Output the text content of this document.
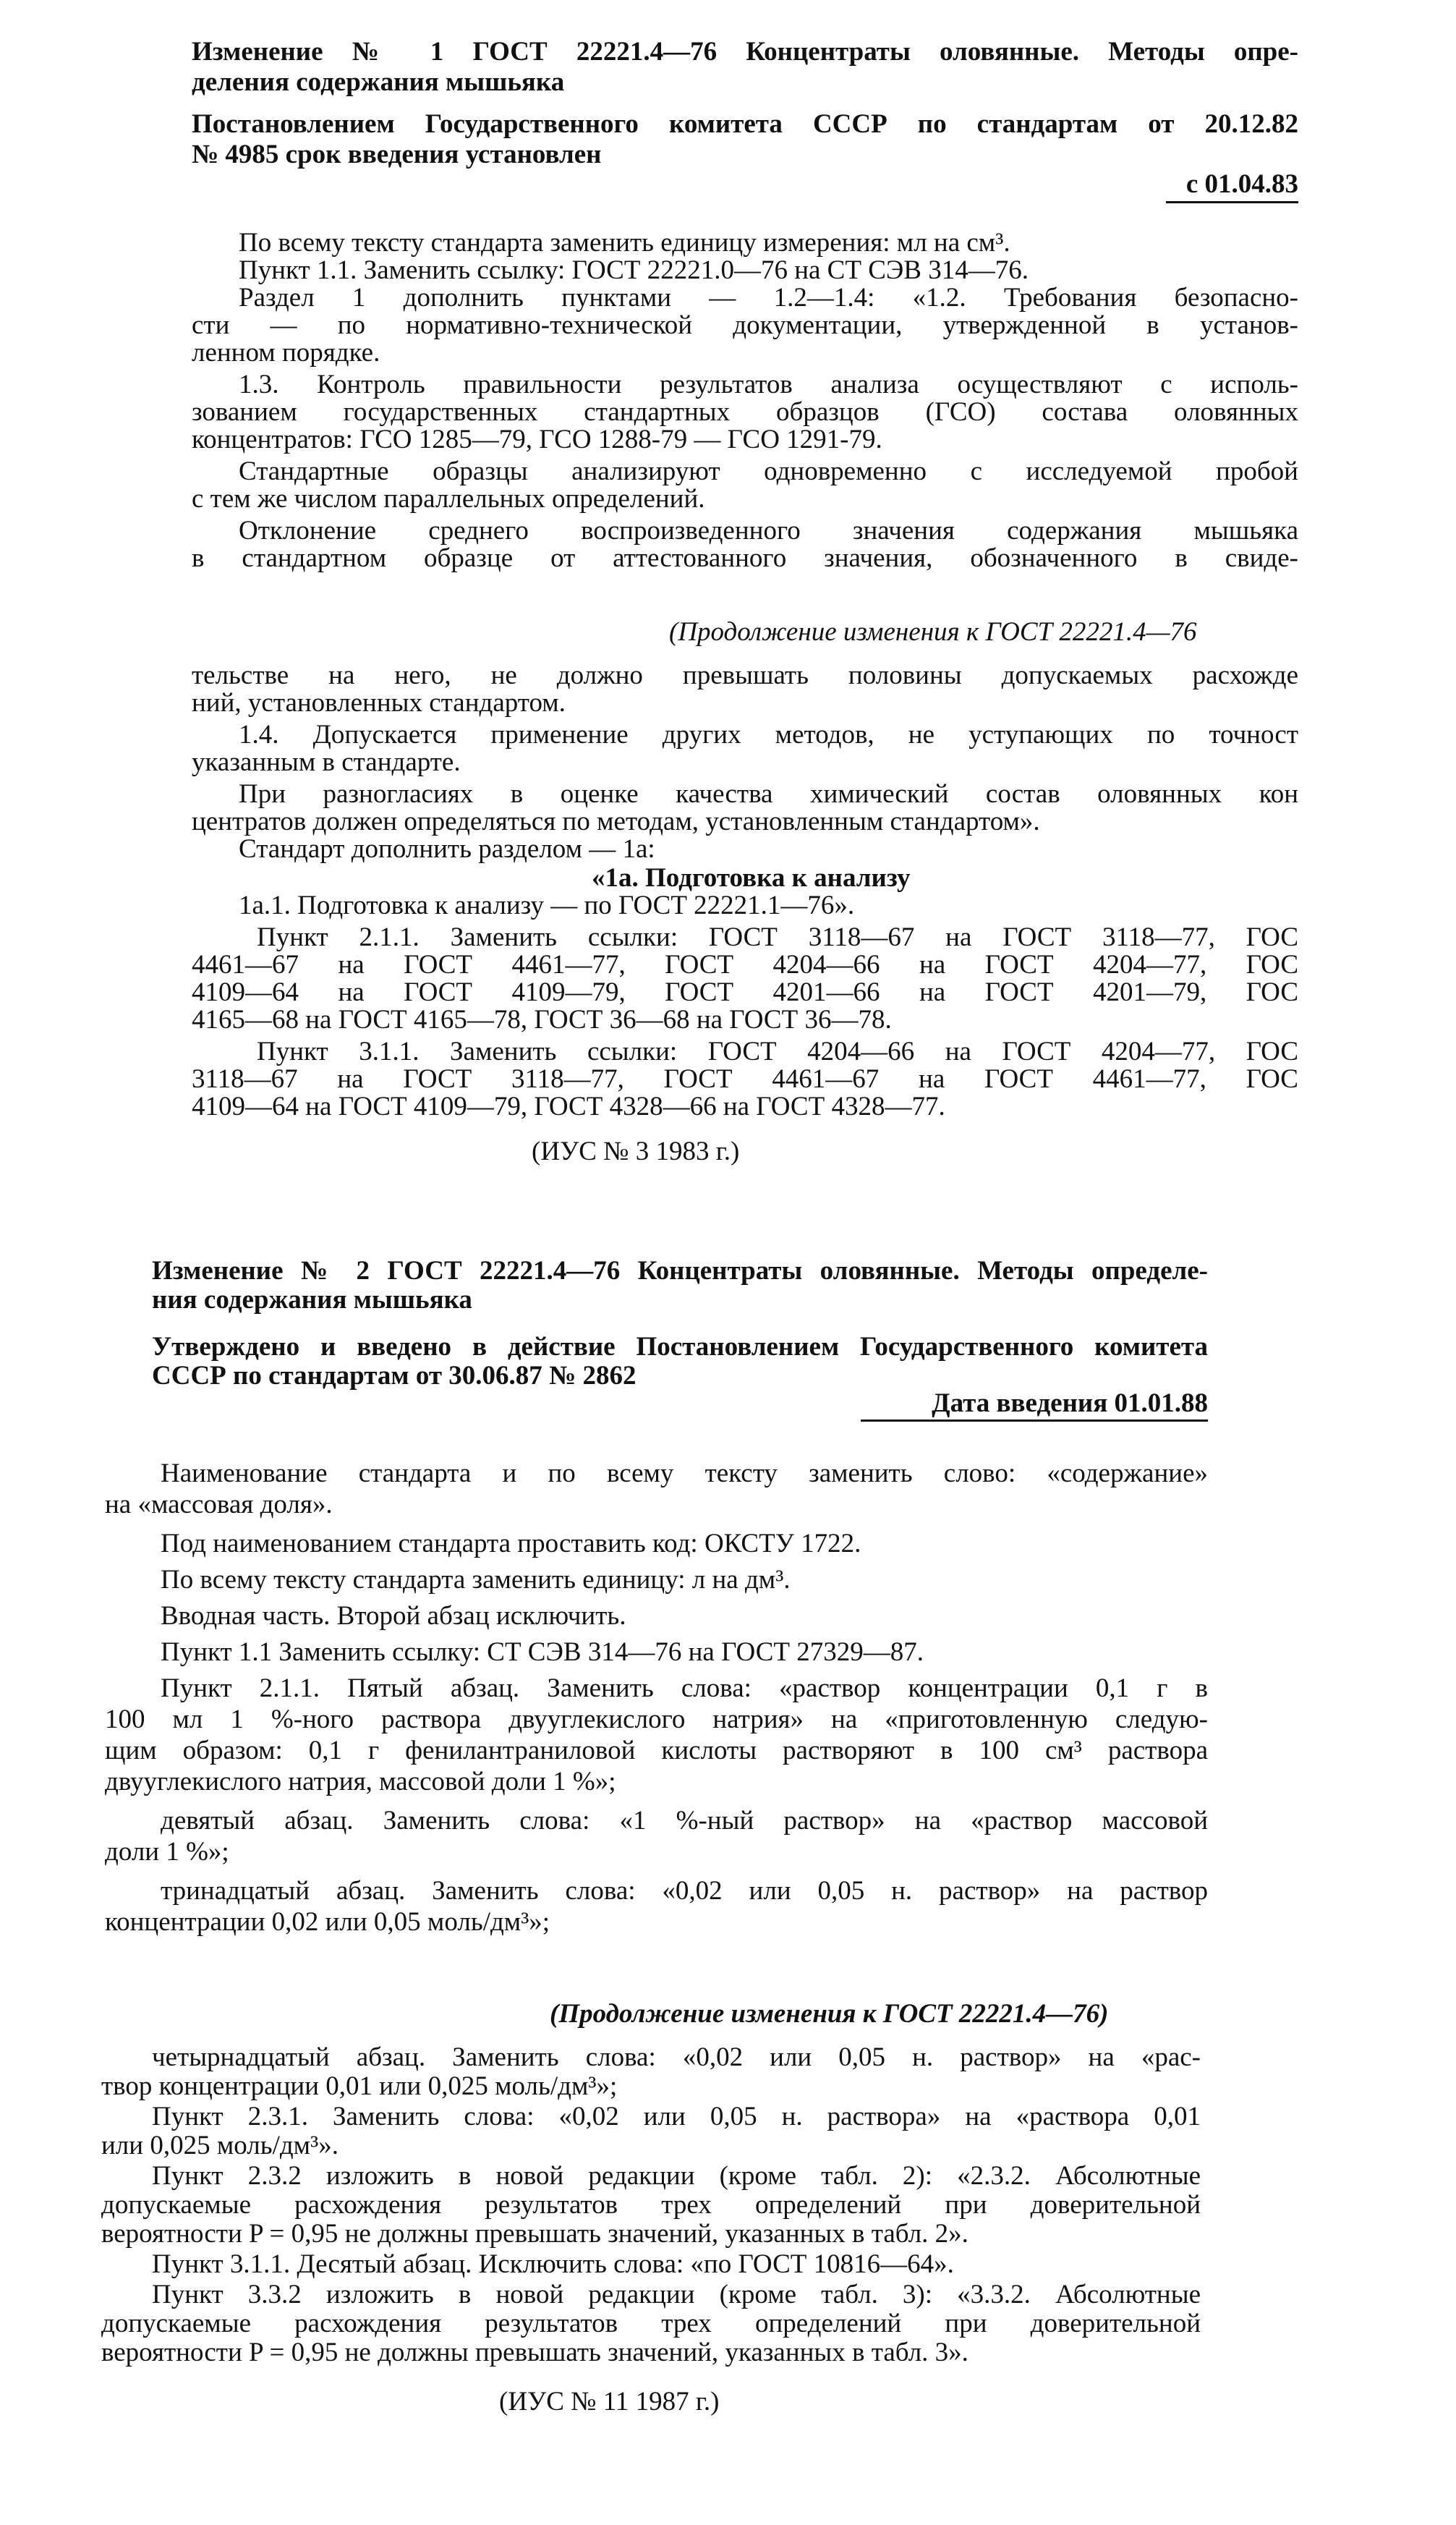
Изменение № 1 ГОСТ 22221.4—76 Концентраты оловянные. Методы опре-
деления содержания мышьяка
Постановлением Государственного комитета СССР по стандартам от 20.12.82
№ 4985 срок введения установлен
с 01.04.83
По всему тексту стандарта заменить единицу измерения: мл на см³.
Пункт 1.1. Заменить ссылку: ГОСТ 22221.0—76 на СТ СЭВ 314—76.
Раздел 1 дополнить пунктами — 1.2—1.4: «1.2. Требования безопасно-
сти — по нормативно-технической документации, утвержденной в установ-
ленном порядке.
1.3. Контроль правильности результатов анализа осуществляют с исполь-
зованием государственных стандартных образцов (ГСО) состава оловянных
концентратов: ГСО 1285—79, ГСО 1288-79 — ГСО 1291-79.
Стандартные образцы анализируют одновременно с исследуемой пробой
с тем же числом параллельных определений.
Отклонение среднего воспроизведенного значения содержания мышьяка
в стандартном образце от аттестованного значения, обозначенного в свиде-
(Продолжение изменения к ГОСТ 22221.4—76
тельстве на него, не должно превышать половины допускаемых расхожде
ний, установленных стандартом.
1.4. Допускается применение других методов, не уступающих по точност
указанным в стандарте.
При разногласиях в оценке качества химический состав оловянных кон
центратов должен определяться по методам, установленным стандартом».
Стандарт дополнить разделом — 1а:
«1а. Подготовка к анализу
1а.1. Подготовка к анализу — по ГОСТ 22221.1—76».
Пункт 2.1.1. Заменить ссылки: ГОСТ 3118—67 на ГОСТ 3118—77, ГОС
4461—67 на ГОСТ 4461—77, ГОСТ 4204—66 на ГОСТ 4204—77, ГОС
4109—64 на ГОСТ 4109—79, ГОСТ 4201—66 на ГОСТ 4201—79, ГОС
4165—68 на ГОСТ 4165—78, ГОСТ 36—68 на ГОСТ 36—78.
Пункт 3.1.1. Заменить ссылки: ГОСТ 4204—66 на ГОСТ 4204—77, ГОС
3118—67 на ГОСТ 3118—77, ГОСТ 4461—67 на ГОСТ 4461—77, ГОС
4109—64 на ГОСТ 4109—79, ГОСТ 4328—66 на ГОСТ 4328—77.
(ИУС № 3 1983 г.)
Изменение № 2 ГОСТ 22221.4—76 Концентраты оловянные. Методы определе-
ния содержания мышьяка
Утверждено и введено в действие Постановлением Государственного комитета
СССР по стандартам от 30.06.87 № 2862
Дата введения 01.01.88
Наименование стандарта и по всему тексту заменить слово: «содержание»
на «массовая доля».
Под наименованием стандарта проставить код: ОКСТУ 1722.
По всему тексту стандарта заменить единицу: л на дм³.
Вводная часть. Второй абзац исключить.
Пункт 1.1 Заменить ссылку: СТ СЭВ 314—76 на ГОСТ 27329—87.
Пункт 2.1.1. Пятый абзац. Заменить слова: «раствор концентрации 0,1 г в
100 мл 1 %-ного раствора двууглекислого натрия» на «приготовленную следую-
щим образом: 0,1 г фенилантраниловой кислоты растворяют в 100 см³ раствора
двууглекислого натрия, массовой доли 1 %»;
девятый абзац. Заменить слова: «1 %-ный раствор» на «раствор массовой
доли 1 %»;
тринадцатый абзац. Заменить слова: «0,02 или 0,05 н. раствор» на раствор
концентрации 0,02 или 0,05 моль/дм³»;
(Продолжение изменения к ГОСТ 22221.4—76)
четырнадцатый абзац. Заменить слова: «0,02 или 0,05 н. раствор» на «рас-
твор концентрации 0,01 или 0,025 моль/дм³»;
Пункт 2.3.1. Заменить слова: «0,02 или 0,05 н. раствора» на «раствора 0,01
или 0,025 моль/дм³».
Пункт 2.3.2 изложить в новой редакции (кроме табл. 2): «2.3.2. Абсолютные
допускаемые расхождения результатов трех определений при доверительной
вероятности P = 0,95 не должны превышать значений, указанных в табл. 2».
Пункт 3.1.1. Десятый абзац. Исключить слова: «по ГОСТ 10816—64».
Пункт 3.3.2 изложить в новой редакции (кроме табл. 3): «3.3.2. Абсолютные
допускаемые расхождения результатов трех определений при доверительной
вероятности P = 0,95 не должны превышать значений, указанных в табл. 3».
(ИУС № 11 1987 г.)
